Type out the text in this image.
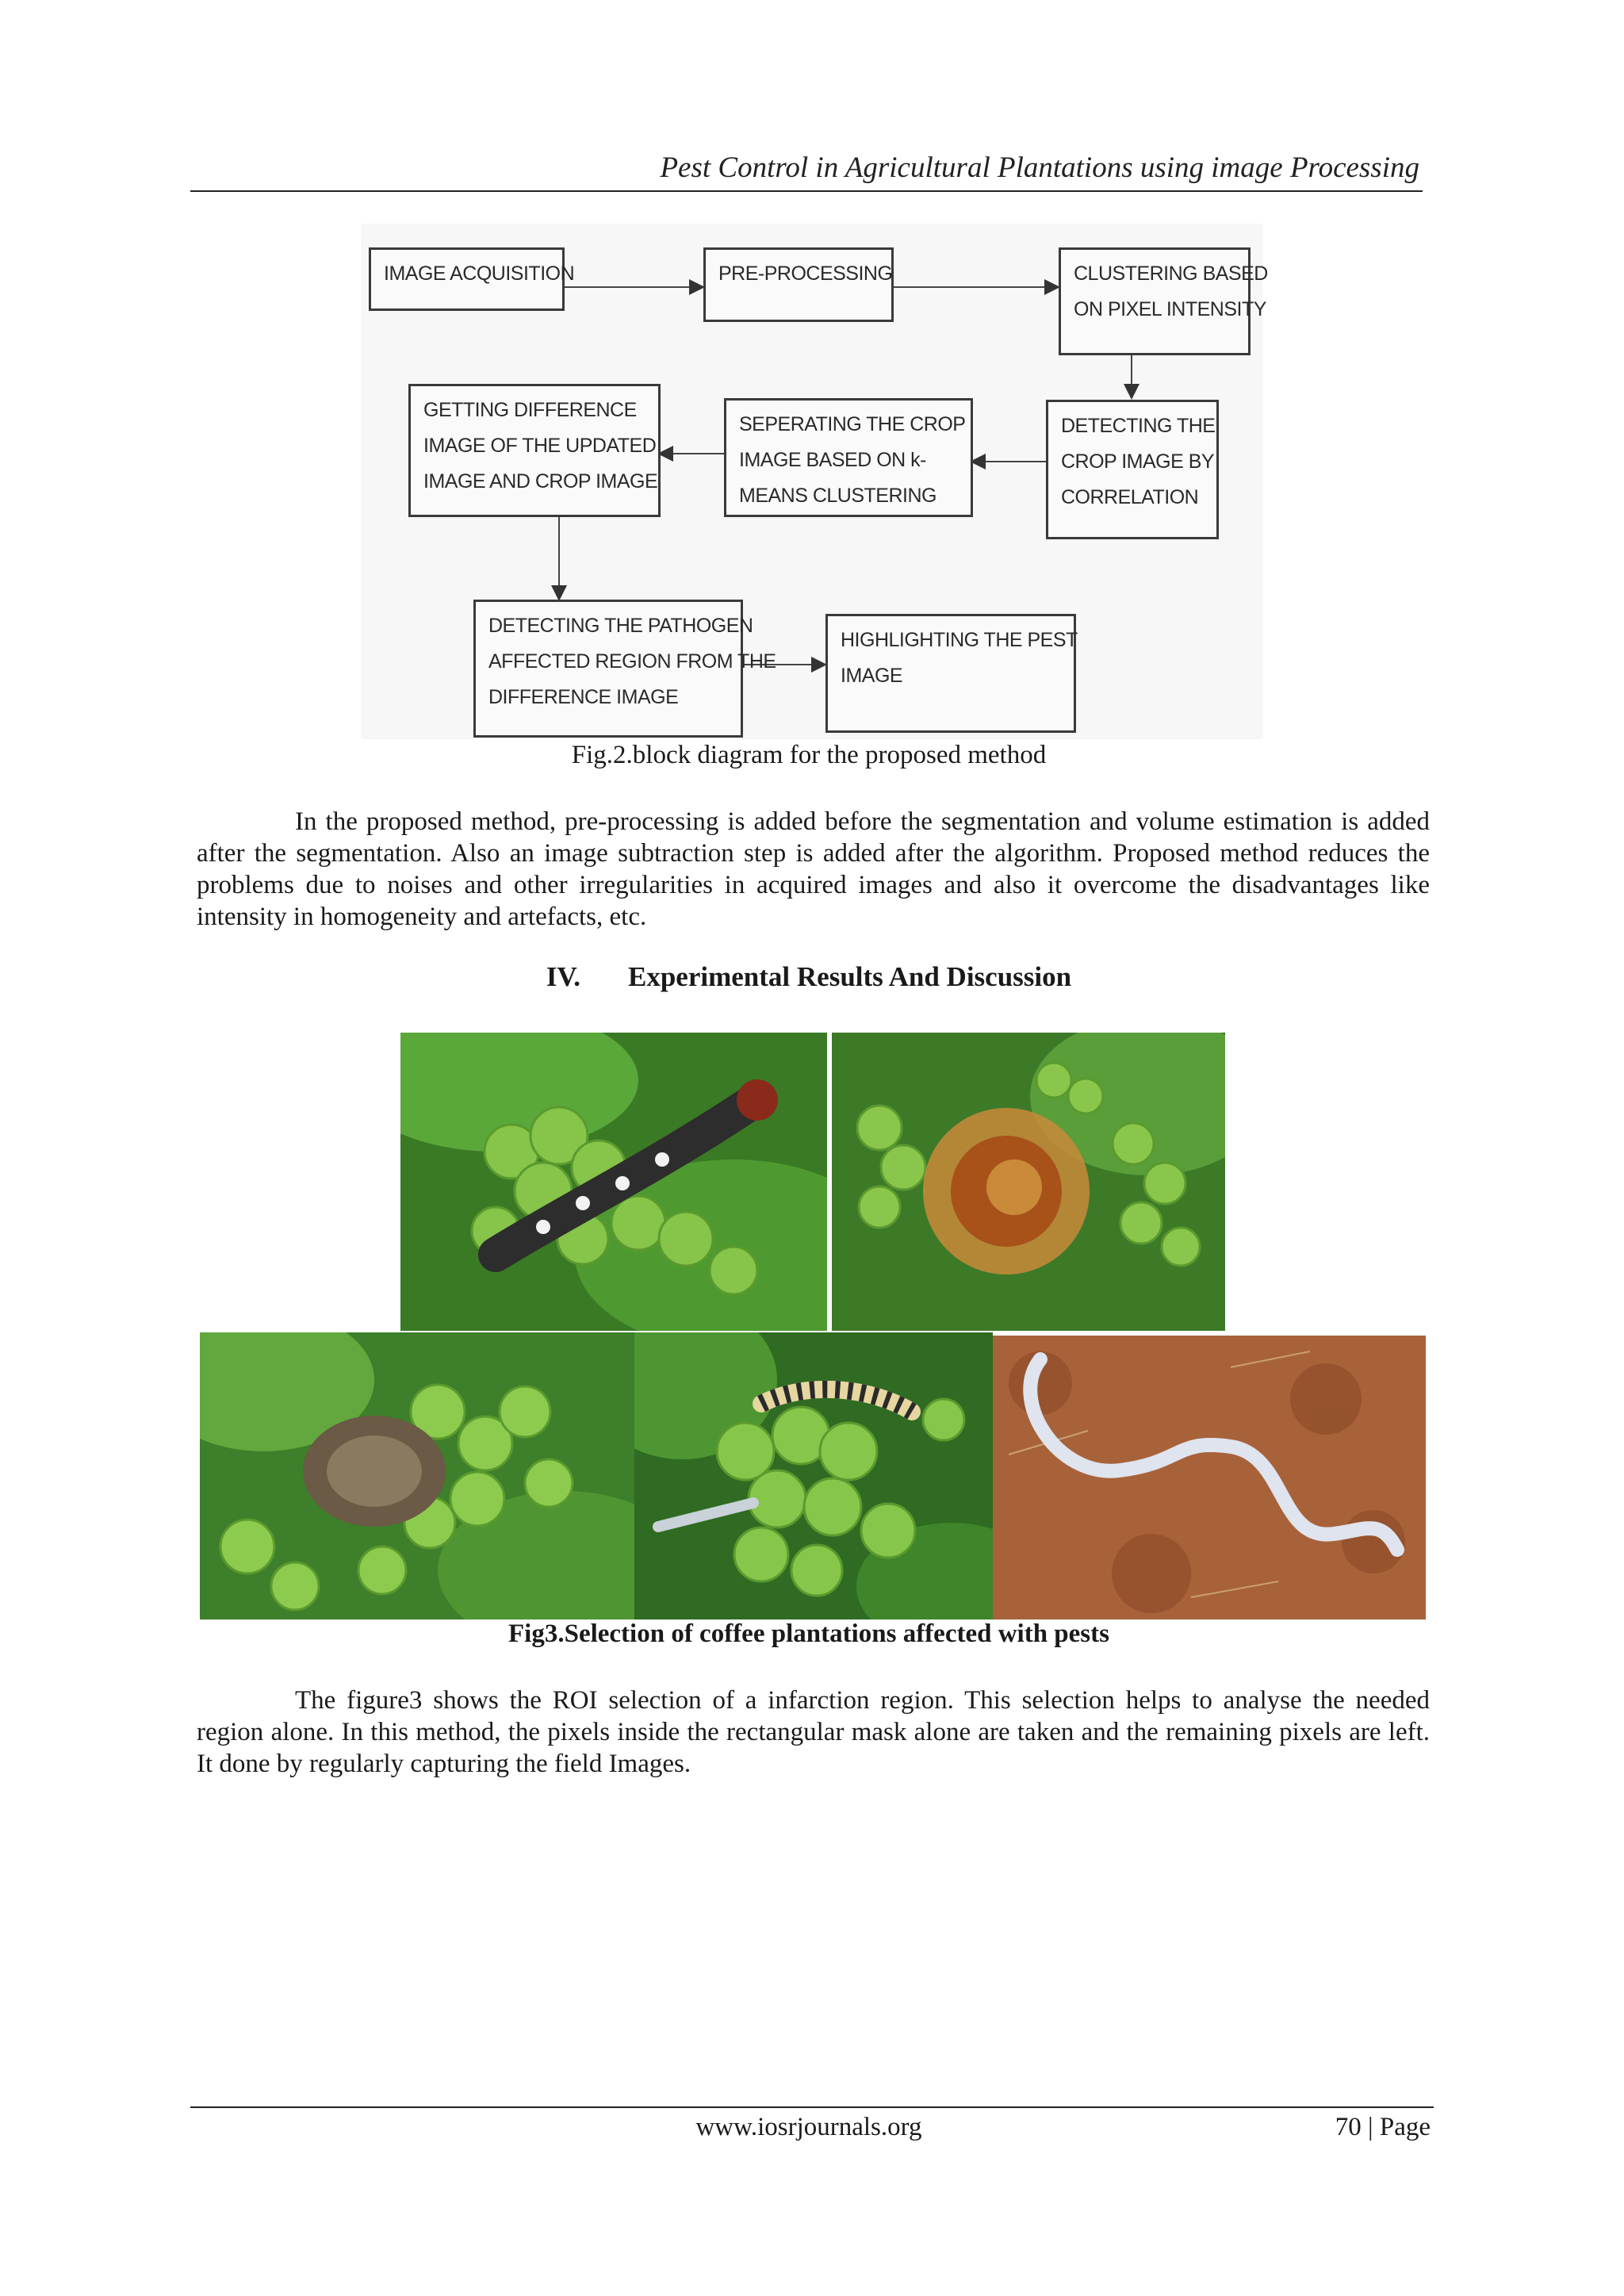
Pest Control in Agricultural Plantations using image Processing
IMAGE ACQUISITION	PRE-PROCESSING	CLUSTERING BASED
ON PIXEL INTENSITY
GETTING DIFFERENCE
IMAGE OF THE UPDATED
IMAGE AND CROP IMAGE
SEPERATING THE CROP
IMAGE BASED ON k-
MEANS CLUSTERING
DETECTING THE
CROP IMAGE BY
CORRELATION
DETECTING THE PATHOGEN
AFFECTED REGION FROM THE
DIFFERENCE IMAGE
HIGHLIGHTING THE PEST
IMAGE
Fig.2.block diagram for the proposed method
In the proposed method, pre-processing is added before the segmentation and volume estimation is added after the segmentation. Also an image subtraction step is added after the algorithm. Proposed method reduces the problems due to noises and other irregularities in acquired images and also it overcome the disadvantages like intensity in homogeneity and artefacts, etc.
IV. Experimental Results And Discussion
Fig3.Selection of coffee plantations affected with pests
The figure3 shows the ROI selection of a infarction region. This selection helps to analyse the needed region alone. In this method, the pixels inside the rectangular mask alone are taken and the remaining pixels are left. It done by regularly capturing the field Images.
www.iosrjournals.org	70 | Page
